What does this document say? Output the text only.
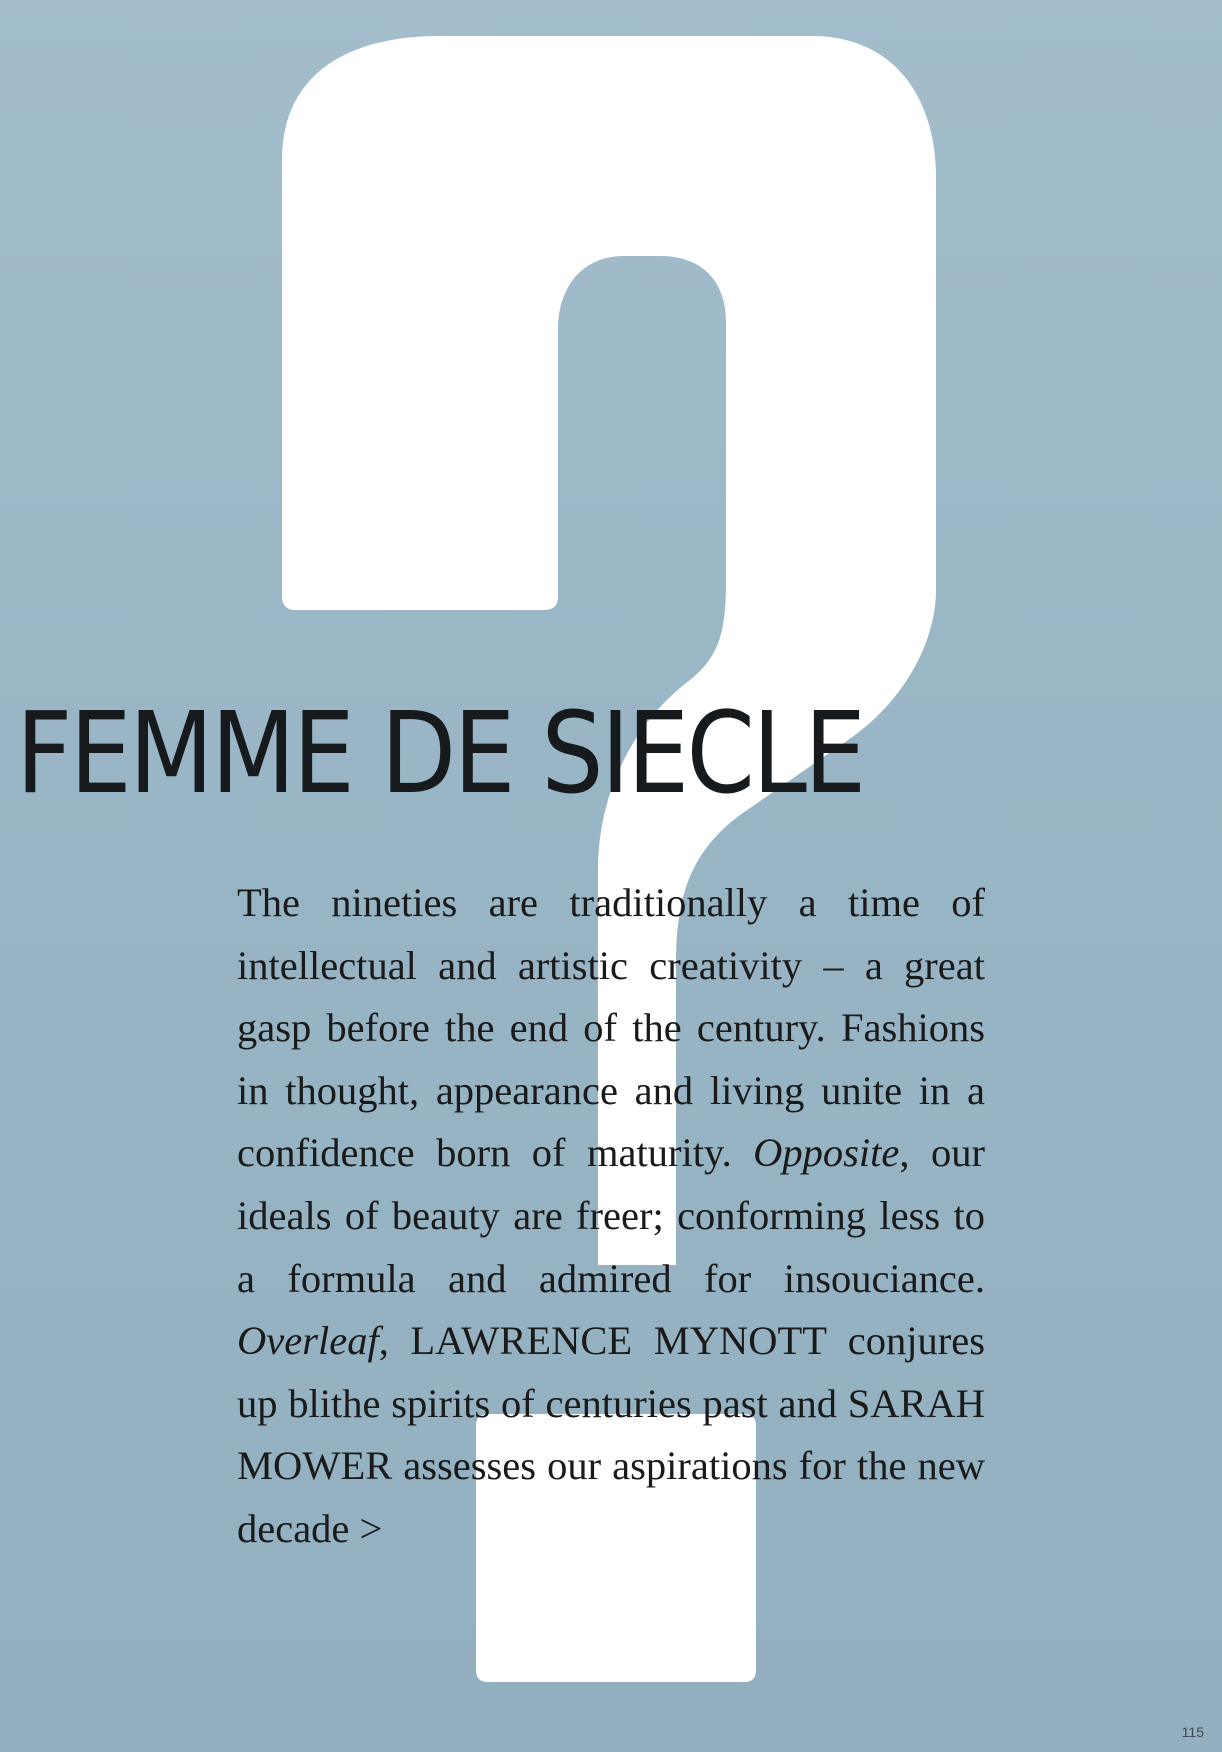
FEMME DE SIECLE

The nineties are traditionally a time of intellectual and artistic creativity – a great gasp before the end of the century. Fashions in thought, appearance and living unite in a confidence born of maturity. Opposite, our ideals of beauty are freer; conforming less to a formula and admired for insouciance. Overleaf, LAWRENCE MYNOTT conjures up blithe spirits of centuries past and SARAH MOWER assesses our aspirations for the new decade >

115
